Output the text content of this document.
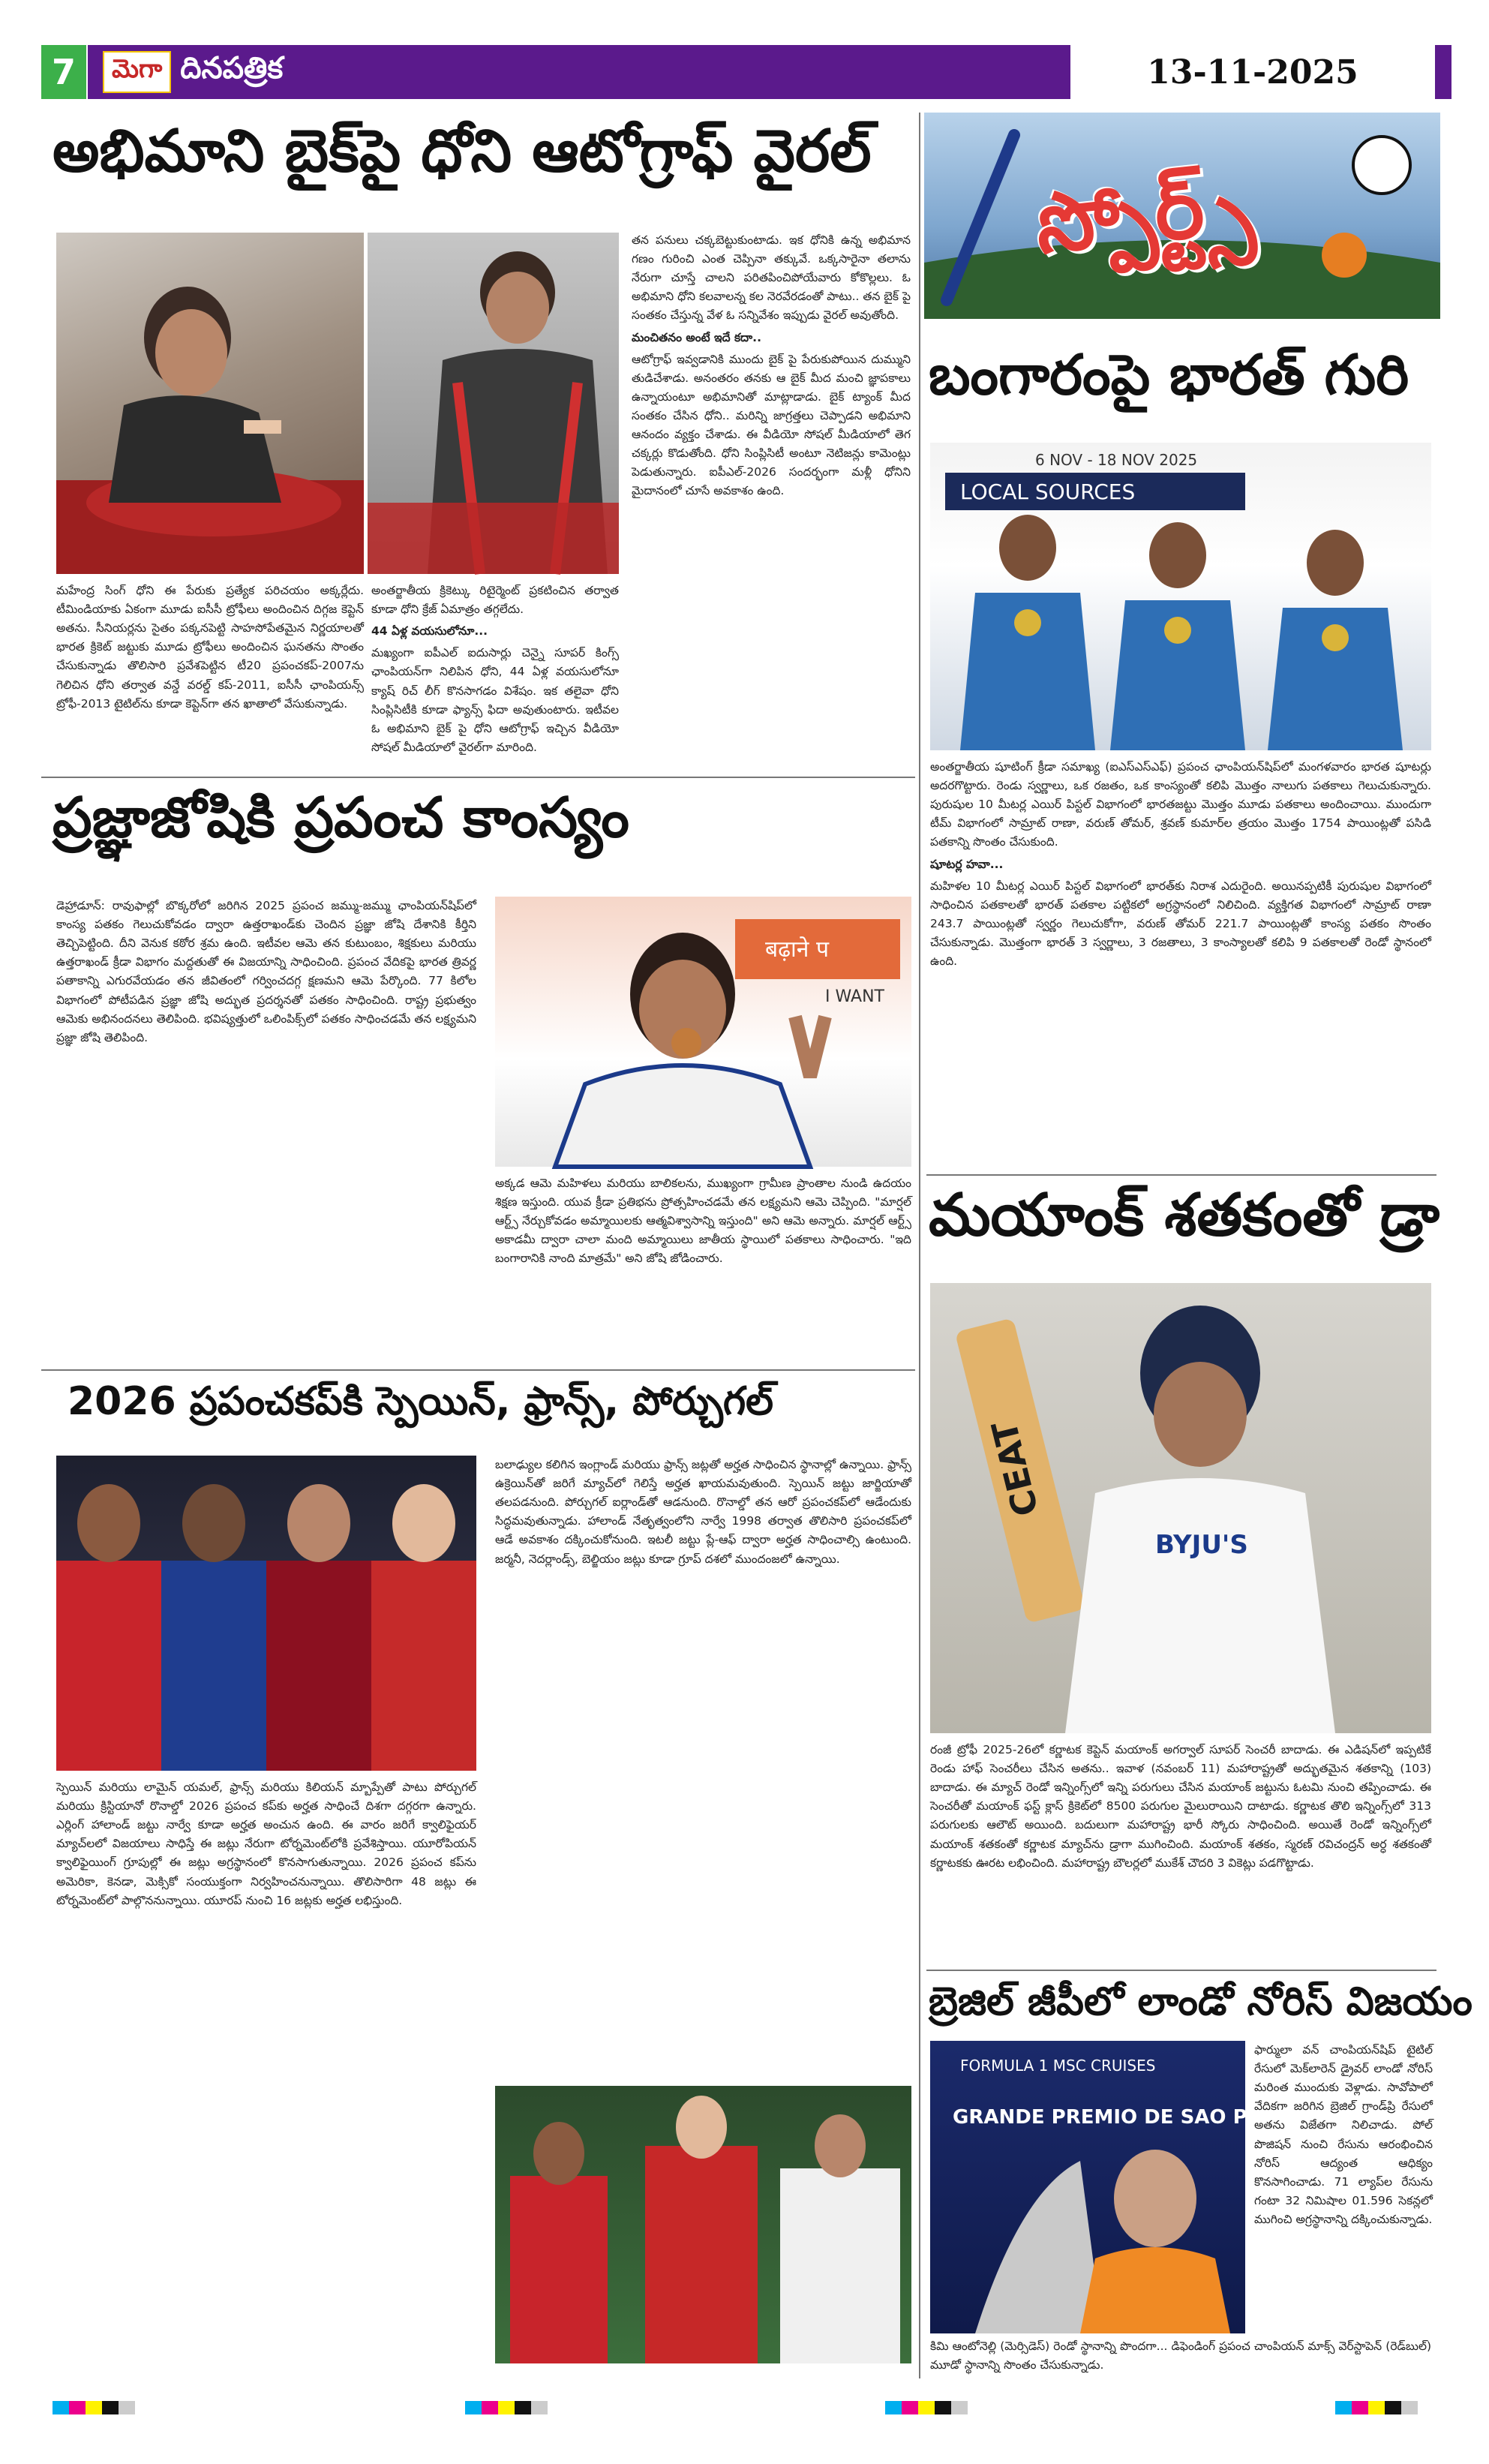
7	మెగా దినపత్రిక	13-11-2025
అభిమాని బైక్‌పై ధోని ఆటోగ్రాఫ్ వైరల్

మహేంద్ర సింగ్ ధోని ఈ పేరుకు ప్రత్యేక పరిచయం అక్కర్లేదు. టీమిండియాకు ఏకంగా మూడు ఐసీసీ ట్రోఫీలు అందించిన దిగ్గజ కెప్టెన్ అతను. సీనియర్లను సైతం పక్కనపెట్టి సాహసోపేతమైన నిర్ణయాలతో భారత క్రికెట్ జట్టుకు మూడు ట్రోఫీలు అందించిన ఘనతను సొంతం చేసుకున్నాడు తొలిసారి ప్రవేశపెట్టిన టీ20 ప్రపంచకప్-2007ను గెలిచిన ధోని తర్వాత వన్డే వరల్డ్ కప్-2011, ఐసీసీ ఛాంపియన్స్ ట్రోఫీ-2013 టైటిల్‌ను కూడా కెప్టెన్‌గా తన ఖాతాలో వేసుకున్నాడు.

అంతర్జాతీయ క్రికెట్కు రిటైర్మెంట్ ప్రకటించిన తర్వాత కూడా ధోని క్రేజ్ ఏమాత్రం తగ్గలేదు.

44 ఏళ్ల వయసులోనూ...

మఖ్యంగా ఐపీఎల్ ఐదుసార్లు చెన్నై సూపర్ కింగ్స్ ఛాంపియన్‌గా నిలిపిన ధోని, 44 ఏళ్ల వయసులోనూ క్యాష్ రిచ్ లీగ్ కొనసాగడం విశేషం. ఇక తలైవా ధోని సింప్లిసిటీకి కూడా ఫ్యాన్స్ ఫిదా అవుతుంటారు. ఇటీవల ఓ అభిమాని బైక్ పై ధోని ఆటోగ్రాఫ్ ఇచ్చిన వీడియో సోషల్ మీడియాలో వైరల్‌గా మారింది.

తన పనులు చక్కబెట్టుకుంటాడు. ఇక ధోనికి ఉన్న అభిమాన గణం గురించి ఎంత చెప్పినా తక్కువే. ఒక్కసారైనా తలాను నేరుగా చూస్తే చాలని పరితపించిపోయేవారు కోకొల్లలు. ఓ అభిమాని ధోని కలవాలన్న కల నెరవేరడంతో పాటు.. తన బైక్ పై సంతకం చేస్తున్న వేళ ఓ సన్నివేశం ఇప్పుడు వైరల్ అవుతోంది.

మంచితనం అంటే ఇదే కదా..

ఆటోగ్రాఫ్ ఇవ్వడానికి ముందు బైక్ పై పేరుకుపోయిన దుమ్ముని తుడిచేశాడు. అనంతరం తనకు ఆ బైక్ మీద మంచి జ్ఞాపకాలు ఉన్నాయంటూ అభిమానితో మాట్లాడాడు. బైక్ ట్యాంక్ మీద సంతకం చేసిన ధోని.. మరిన్ని జాగ్రత్తలు చెప్పాడని అభిమాని ఆనందం వ్యక్తం చేశాడు. ఈ వీడియో సోషల్ మీడియాలో తెగ చక్కర్లు కొడుతోంది. ధోని సింప్లిసిటీ అంటూ నెటిజన్లు కామెంట్లు పెడుతున్నారు. ఐపీఎల్-2026 సందర్భంగా మళ్లీ ధోనిని మైదానంలో చూసే అవకాశం ఉంది.

స్పోర్ట్స్
బంగారంపై భారత్ గురి
LOCAL SOURCES
6 NOV - 18 NOV 2025

అంతర్జాతీయ షూటింగ్ క్రీడా సమాఖ్య (ఐఎస్ఎస్ఎఫ్) ప్రపంచ ఛాంపియన్‌షిప్‌లో మంగళవారం భారత షూటర్లు అదరగొట్టారు. రెండు స్వర్ణాలు, ఒక రజతం, ఒక కాంస్యంతో కలిపి మొత్తం నాలుగు పతకాలు గెలుచుకున్నారు. పురుషుల 10 మీటర్ల ఎయిర్ పిస్టల్ విభాగంలో భారతజట్టు మొత్తం మూడు పతకాలు అందించాయి. ముందుగా టీమ్ విభాగంలో సామ్రాట్ రాణా, వరుణ్ తోమర్, శ్రవణ్ కుమార్‌ల త్రయం మొత్తం 1754 పాయింట్లతో పసిడి పతకాన్ని సొంతం చేసుకుంది.

షూటర్ల హవా...

మహిళల 10 మీటర్ల ఎయిర్ పిస్టల్ విభాగంలో భారత్‌కు నిరాశ ఎదురైంది. అయినప్పటికీ పురుషుల విభాగంలో సాధించిన పతకాలతో భారత్ పతకాల పట్టికలో అగ్రస్థానంలో నిలిచింది. వ్యక్తిగత విభాగంలో సామ్రాట్ రాణా 243.7 పాయింట్లతో స్వర్ణం గెలుచుకోగా, వరుణ్ తోమర్ 221.7 పాయింట్లతో కాంస్య పతకం సొంతం చేసుకున్నాడు. మొత్తంగా భారత్ 3 స్వర్ణాలు, 3 రజతాలు, 3 కాంస్యాలతో కలిపి 9 పతకాలతో రెండో స్థానంలో ఉంది.

ప్రజ్ఞాజోషికి ప్రపంచ కాంస్యం

డెహ్రాడూన్: రావుఫాల్లో బొక్కరోలో జరిగిన 2025 ప్రపంచ జమ్ము-జమ్ము ఛాంపియన్‌షిప్‌లో కాంస్య పతకం గెలుచుకోవడం ద్వారా ఉత్తరాఖండ్‌కు చెందిన ప్రజ్ఞా జోషి దేశానికి కీర్తిని తెచ్చిపెట్టింది. దీని వెనుక కఠోర శ్రమ ఉంది. ఇటీవల ఆమె తన కుటుంబం, శిక్షకులు మరియు ఉత్తరాఖండ్ క్రీడా విభాగం మద్దతుతో ఈ విజయాన్ని సాధించింది. ప్రపంచ వేదికపై భారత త్రివర్ణ పతాకాన్ని ఎగురవేయడం తన జీవితంలో గర్వించదగ్గ క్షణమని ఆమె పేర్కొంది. 77 కిలోల విభాగంలో పోటీపడిన ప్రజ్ఞా జోషి అద్భుత ప్రదర్శనతో పతకం సాధించింది. రాష్ట్ర ప్రభుత్వం ఆమెకు అభినందనలు తెలిపింది. భవిష్యత్తులో ఒలింపిక్స్‌లో పతకం సాధించడమే తన లక్ష్యమని ప్రజ్ఞా జోషి తెలిపింది.

बढ़ाने प
I WANT

అక్కడ ఆమె మహిళలు మరియు బాలికలను, ముఖ్యంగా గ్రామీణ ప్రాంతాల నుండి ఉదయం శిక్షణ ఇస్తుంది. యువ క్రీడా ప్రతిభను ప్రోత్సహించడమే తన లక్ష్యమని ఆమె చెప్పింది. "మార్షల్ ఆర్ట్స్ నేర్చుకోవడం అమ్మాయిలకు ఆత్మవిశ్వాసాన్ని ఇస్తుంది" అని ఆమె అన్నారు. మార్షల్ ఆర్ట్స్ అకాడమీ ద్వారా చాలా మంది అమ్మాయిలు జాతీయ స్థాయిలో పతకాలు సాధించారు. "ఇది బంగారానికి నాంది మాత్రమే" అని జోషి జోడించారు.

మయాంక్ శతకంతో డ్రా
CEAT
BYJU'S

రంజీ ట్రోఫీ 2025-26లో కర్ణాటక కెప్టెన్ మయాంక్ అగర్వాల్ సూపర్ సెంచరీ బాదాడు. ఈ ఎడిషన్‌లో ఇప్పటికే రెండు హాఫ్ సెంచరీలు చేసిన అతను.. ఇవాళ (నవంబర్ 11) మహారాష్ట్రతో అద్భుతమైన శతకాన్ని (103) బాదాడు. ఈ మ్యాచ్ రెండో ఇన్నింగ్స్‌లో ఇన్ని పరుగులు చేసిన మయాంక్ జట్టును ఓటమి నుంచి తప్పించాడు. ఈ సెంచరీతో మయాంక్ ఫస్ట్ క్లాస్ క్రికెట్‌లో 8500 పరుగుల మైలురాయిని దాటాడు. కర్ణాటక తొలి ఇన్నింగ్స్‌లో 313 పరుగులకు ఆలౌట్ అయింది. బదులుగా మహారాష్ట్ర భారీ స్కోరు సాధించింది. అయితే రెండో ఇన్నింగ్స్‌లో మయాంక్ శతకంతో కర్ణాటక మ్యాచ్‌ను డ్రాగా ముగించింది. మయాంక్ శతకం, స్మరణ్ రవిచంద్రన్ అర్ధ శతకంతో కర్ణాటకకు ఊరట లభించింది. మహారాష్ట్ర బౌలర్లలో ముకేశ్ చౌదరి 3 వికెట్లు పడగొట్టాడు.

2026 ప్రపంచకప్‌కి స్పెయిన్, ఫ్రాన్స్, పోర్చుగల్

స్పెయిన్ మరియు లామైన్ యమల్, ఫ్రాన్స్ మరియు కిలియన్ మ్బాప్పేతో పాటు పోర్చుగల్ మరియు క్రిస్టియానో రొనాల్డో 2026 ప్రపంచ కప్‌కు అర్హత సాధించే దిశగా దగ్గరగా ఉన్నారు. ఎర్లింగ్ హాలాండ్ జట్టు నార్వే కూడా అర్హత అంచున ఉంది. ఈ వారం జరిగే క్వాలిఫైయర్ మ్యాచ్‌లలో విజయాలు సాధిస్తే ఈ జట్లు నేరుగా టోర్నమెంట్‌లోకి ప్రవేశిస్తాయి. యూరోపియన్ క్వాలిఫైయింగ్ గ్రూపుల్లో ఈ జట్లు అగ్రస్థానంలో కొనసాగుతున్నాయి. 2026 ప్రపంచ కప్‌ను అమెరికా, కెనడా, మెక్సికో సంయుక్తంగా నిర్వహించనున్నాయి. తొలిసారిగా 48 జట్లు ఈ టోర్నమెంట్‌లో పాల్గొననున్నాయి. యూరప్ నుంచి 16 జట్లకు అర్హత లభిస్తుంది.

బలాఢ్యుల కలిగిన ఇంగ్లాండ్ మరియు ఫ్రాన్స్ జట్లతో అర్హత సాధించిన స్థానాల్లో ఉన్నాయి. ఫ్రాన్స్ ఉక్రెయిన్‌తో జరిగే మ్యాచ్‌లో గెలిస్తే అర్హత ఖాయమవుతుంది. స్పెయిన్ జట్టు జార్జియాతో తలపడనుంది. పోర్చుగల్ ఐర్లాండ్‌తో ఆడనుంది. రొనాల్డో తన ఆరో ప్రపంచకప్‌లో ఆడేందుకు సిద్ధమవుతున్నాడు. హాలాండ్ నేతృత్వంలోని నార్వే 1998 తర్వాత తొలిసారి ప్రపంచకప్‌లో ఆడే అవకాశం దక్కించుకోనుంది. ఇటలీ జట్టు ప్లే-ఆఫ్ ద్వారా అర్హత సాధించాల్సి ఉంటుంది. జర్మనీ, నెదర్లాండ్స్, బెల్జియం జట్లు కూడా గ్రూప్ దశలో ముందంజలో ఉన్నాయి.

బ్రెజిల్ జీపీలో లాండో నోరిస్ విజయం
FORMULA 1 MSC CRUISES
GRANDE PREMIO DE SAO PAULO

ఫార్ములా వన్ చాంపియన్‌షిప్ టైటిల్ రేసులో మెక్‌లారెన్ డ్రైవర్ లాండో నోరిస్ మరింత ముందుకు వెళ్లాడు. సావోపాలో వేదికగా జరిగిన బ్రెజిల్ గ్రాండ్‌ప్రి రేసులో అతను విజేతగా నిలిచాడు. పోల్ పొజిషన్ నుంచి రేసును ఆరంభించిన నోరిస్ ఆద్యంత ఆధిక్యం కొనసాగించాడు. 71 ల్యాప్‌ల రేసును గంటా 32 నిమిషాల 01.596 సెకన్లలో ముగించి అగ్రస్థానాన్ని దక్కించుకున్నాడు.

కిమి ఆంటోనెల్లి (మెర్సిడెస్) రెండో స్థానాన్ని పొందగా... డిఫెండింగ్ ప్రపంచ చాంపియన్ మాక్స్ వెర్‌స్టాపెన్ (రెడ్‌బుల్) మూడో స్థానాన్ని సొంతం చేసుకున్నాడు.
